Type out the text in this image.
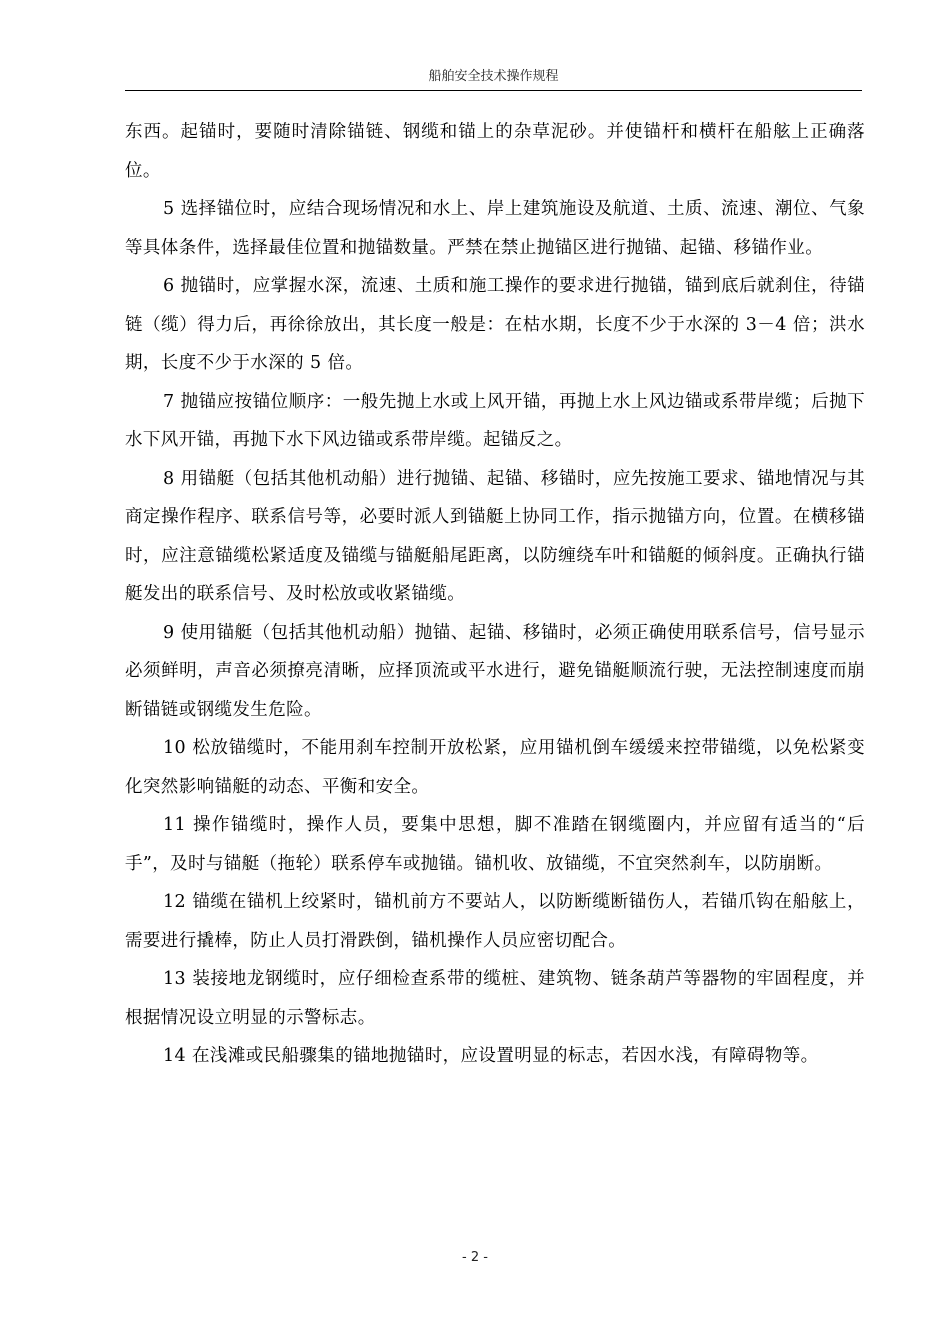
船舶安全技术操作规程

东西。起锚时，要随时清除锚链、钢缆和锚上的杂草泥砂。并使锚杆和横杆在船舷上正确落位。

5 选择锚位时，应结合现场情况和水上、岸上建筑施设及航道、土质、流速、潮位、气象等具体条件，选择最佳位置和抛锚数量。严禁在禁止抛锚区进行抛锚、起锚、移锚作业。

6 抛锚时，应掌握水深，流速、土质和施工操作的要求进行抛锚，锚到底后就刹住，待锚链（缆）得力后，再徐徐放出，其长度一般是：在枯水期，长度不少于水深的 3－4 倍；洪水期，长度不少于水深的 5 倍。

7 抛锚应按锚位顺序：一般先抛上水或上风开锚，再抛上水上风边锚或系带岸缆；后抛下水下风开锚，再抛下水下风边锚或系带岸缆。起锚反之。

8 用锚艇（包括其他机动船）进行抛锚、起锚、移锚时，应先按施工要求、锚地情况与其商定操作程序、联系信号等，必要时派人到锚艇上协同工作，指示抛锚方向，位置。在横移锚时，应注意锚缆松紧适度及锚缆与锚艇船尾距离，以防缠绕车叶和锚艇的倾斜度。正确执行锚艇发出的联系信号、及时松放或收紧锚缆。

9 使用锚艇（包括其他机动船）抛锚、起锚、移锚时，必须正确使用联系信号，信号显示必须鲜明，声音必须撩亮清晰，应择顶流或平水进行，避免锚艇顺流行驶，无法控制速度而崩断锚链或钢缆发生危险。

10 松放锚缆时，不能用刹车控制开放松紧，应用锚机倒车缓缓来控带锚缆，以免松紧变化突然影响锚艇的动态、平衡和安全。

11 操作锚缆时，操作人员，要集中思想，脚不准踏在钢缆圈内，并应留有适当的“后手”，及时与锚艇（拖轮）联系停车或抛锚。锚机收、放锚缆，不宜突然刹车，以防崩断。

12 锚缆在锚机上绞紧时，锚机前方不要站人，以防断缆断锚伤人，若锚爪钩在船舷上，需要进行撬棒，防止人员打滑跌倒，锚机操作人员应密切配合。

13 装接地龙钢缆时，应仔细检查系带的缆桩、建筑物、链条葫芦等器物的牢固程度，并根据情况设立明显的示警标志。

14 在浅滩或民船骤集的锚地抛锚时，应设置明显的标志，若因水浅，有障碍物等。

- 2 -
